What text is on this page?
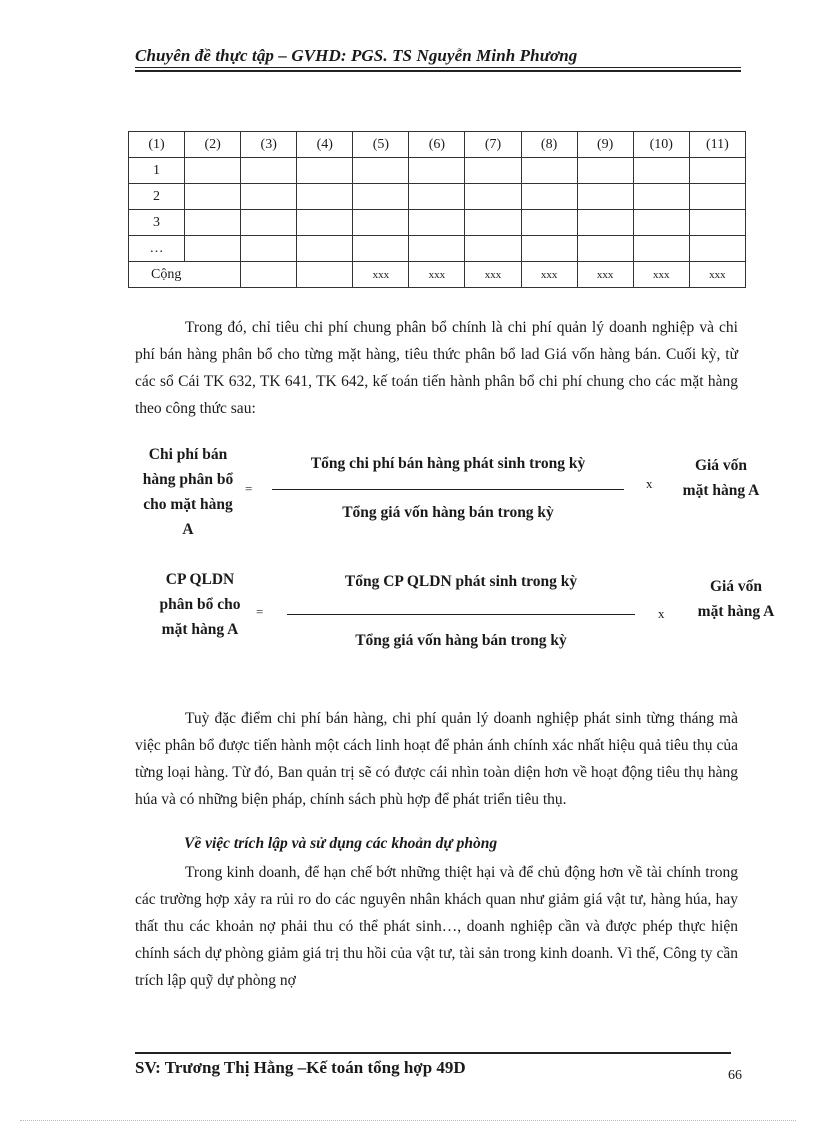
Chuyên đề thực tập – GVHD: PGS. TS Nguyễn Minh Phương
(1)	(2)	(3)	(4)	(5)	(6)	(7)	(8)	(9)	(10)	(11)
1										
2										
3										
…										
Cộng				xxx	xxx	xxx	xxx	xxx	xxx	xxx
Trong đó, chỉ tiêu chi phí chung phân bổ chính là chi phí quản lý doanh nghiệp và chi phí bán hàng phân bổ cho từng mặt hàng, tiêu thức phân bổ lad Giá vốn hàng bán. Cuối kỳ, từ các sổ Cái TK 632, TK 641, TK 642, kế toán tiến hành phân bổ chi phí chung cho các mặt hàng theo công thức sau:
Chi phí bán hàng phân bổ cho mặt hàng A
=
Tổng chi phí bán hàng phát sinh trong kỳ
Tổng giá vốn hàng bán trong kỳ
x
Giá vốn mặt hàng A
CP QLDN phân bổ cho mặt hàng A
=
Tổng CP QLDN phát sinh trong kỳ
Tổng giá vốn hàng bán trong kỳ
x
Giá vốn mặt hàng A
Tuỳ đặc điểm chi phí bán hàng, chi phí quản lý doanh nghiệp phát sinh từng tháng mà việc phân bổ được tiến hành một cách linh hoạt để phản ánh chính xác nhất hiệu quả tiêu thụ của từng loại hàng. Từ đó, Ban quản trị sẽ có được cái nhìn toàn diện hơn về hoạt động tiêu thụ hàng húa và có những biện pháp, chính sách phù hợp để phát triển tiêu thụ.
Về việc trích lập và sử dụng các khoản dự phòng
Trong kinh doanh, để hạn chế bớt những thiệt hại và để chủ động hơn về tài chính trong các trường hợp xảy ra rủi ro do các nguyên nhân khách quan như giảm giá vật tư, hàng húa, hay thất thu các khoản nợ phải thu có thể phát sinh…, doanh nghiệp cần và được phép thực hiện chính sách dự phòng giảm giá trị thu hồi của vật tư, tài sản trong kinh doanh. Vì thế, Công ty cần trích lập quỹ dự phòng nợ
SV: Trương Thị Hằng –Kế toán tổng hợp 49D	66
